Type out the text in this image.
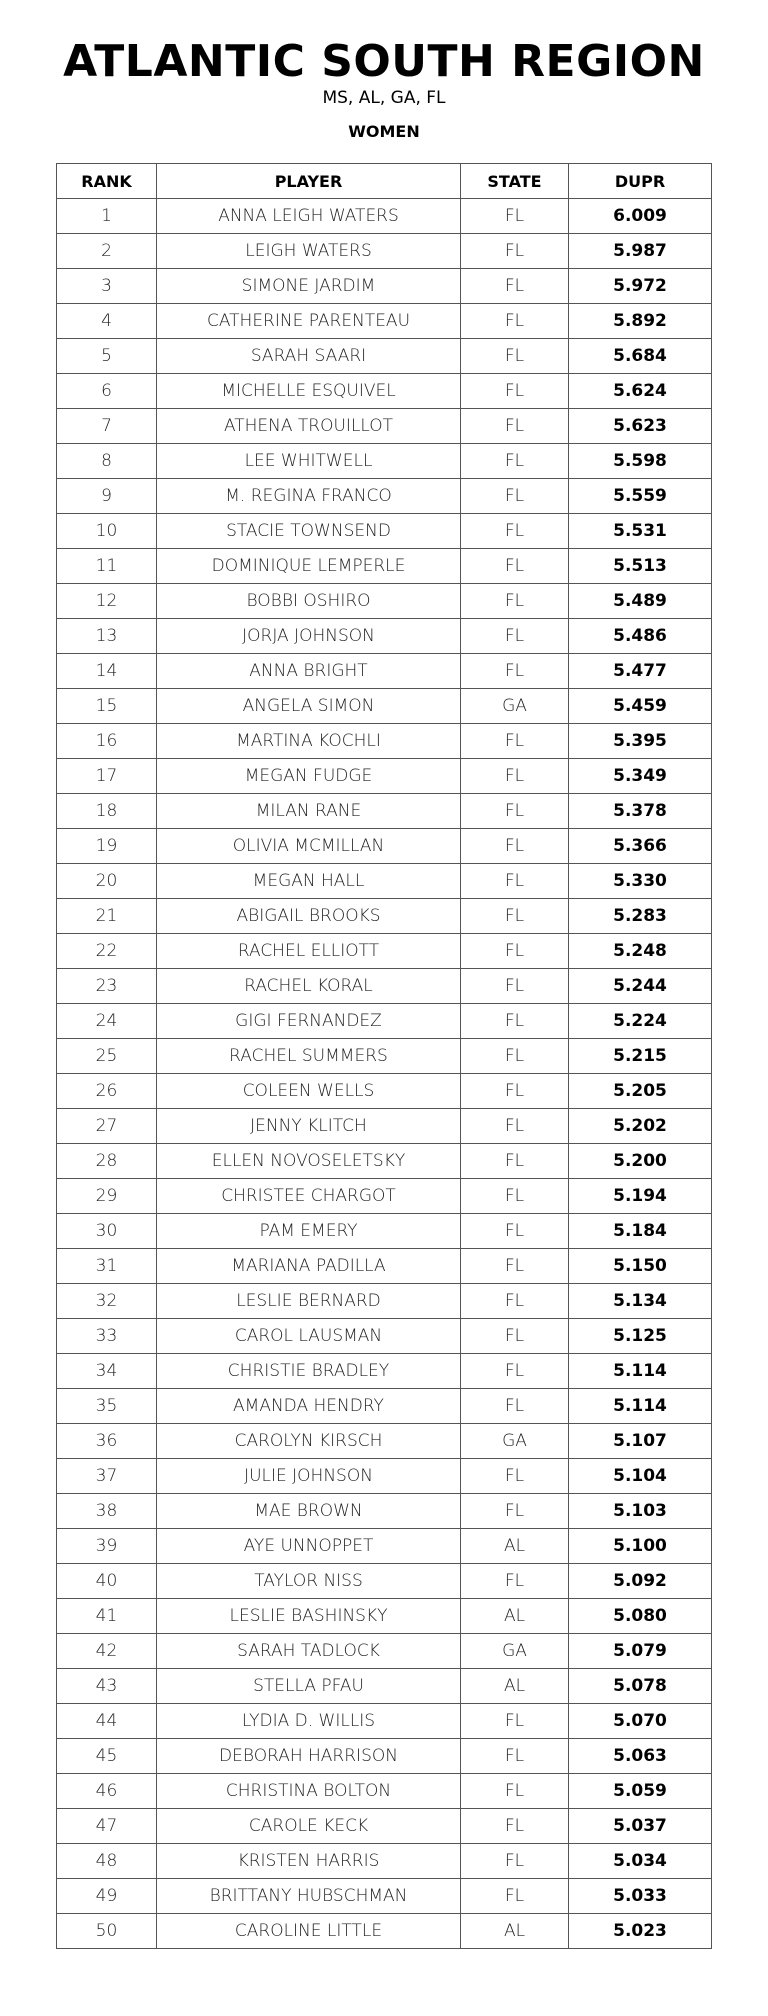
ATLANTIC SOUTH REGION
MS, AL, GA, FL
WOMEN
RANK	PLAYER	STATE	DUPR
1	ANNA LEIGH WATERS	FL	6.009
2	LEIGH WATERS	FL	5.987
3	SIMONE JARDIM	FL	5.972
4	CATHERINE PARENTEAU	FL	5.892
5	SARAH SAARI	FL	5.684
6	MICHELLE ESQUIVEL	FL	5.624
7	ATHENA TROUILLOT	FL	5.623
8	LEE WHITWELL	FL	5.598
9	M. REGINA FRANCO	FL	5.559
10	STACIE TOWNSEND	FL	5.531
11	DOMINIQUE LEMPERLE	FL	5.513
12	BOBBI OSHIRO	FL	5.489
13	JORJA JOHNSON	FL	5.486
14	ANNA BRIGHT	FL	5.477
15	ANGELA SIMON	GA	5.459
16	MARTINA KOCHLI	FL	5.395
17	MEGAN FUDGE	FL	5.349
18	MILAN RANE	FL	5.378
19	OLIVIA MCMILLAN	FL	5.366
20	MEGAN HALL	FL	5.330
21	ABIGAIL BROOKS	FL	5.283
22	RACHEL ELLIOTT	FL	5.248
23	RACHEL KORAL	FL	5.244
24	GIGI FERNANDEZ	FL	5.224
25	RACHEL SUMMERS	FL	5.215
26	COLEEN WELLS	FL	5.205
27	JENNY KLITCH	FL	5.202
28	ELLEN NOVOSELETSKY	FL	5.200
29	CHRISTEE CHARGOT	FL	5.194
30	PAM EMERY	FL	5.184
31	MARIANA PADILLA	FL	5.150
32	LESLIE BERNARD	FL	5.134
33	CAROL LAUSMAN	FL	5.125
34	CHRISTIE BRADLEY	FL	5.114
35	AMANDA HENDRY	FL	5.114
36	CAROLYN KIRSCH	GA	5.107
37	JULIE JOHNSON	FL	5.104
38	MAE BROWN	FL	5.103
39	AYE UNNOPPET	AL	5.100
40	TAYLOR NISS	FL	5.092
41	LESLIE BASHINSKY	AL	5.080
42	SARAH TADLOCK	GA	5.079
43	STELLA PFAU	AL	5.078
44	LYDIA D. WILLIS	FL	5.070
45	DEBORAH HARRISON	FL	5.063
46	CHRISTINA BOLTON	FL	5.059
47	CAROLE KECK	FL	5.037
48	KRISTEN HARRIS	FL	5.034
49	BRITTANY HUBSCHMAN	FL	5.033
50	CAROLINE LITTLE	AL	5.023
